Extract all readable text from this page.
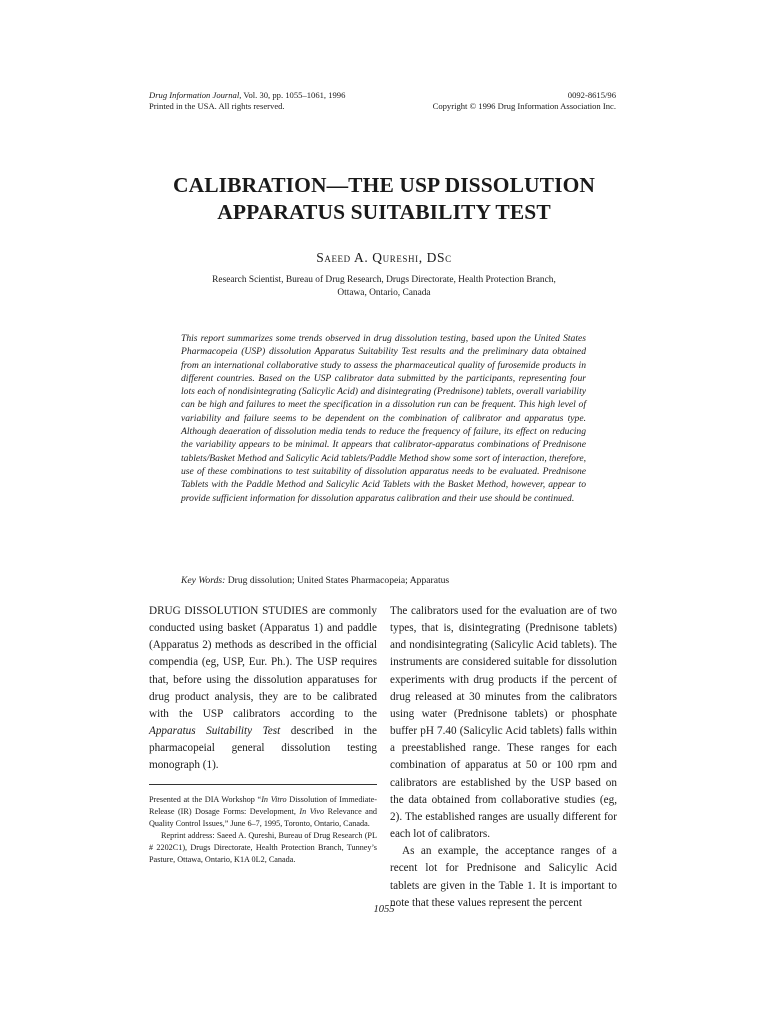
Drug Information Journal, Vol. 30, pp. 1055–1061, 1996
Printed in the USA. All rights reserved.
0092-8615/96
Copyright © 1996 Drug Information Association Inc.
CALIBRATION—THE USP DISSOLUTION
APPARATUS SUITABILITY TEST
Saeed A. Qureshi, DSc
Research Scientist, Bureau of Drug Research, Drugs Directorate, Health Protection Branch,
Ottawa, Ontario, Canada
This report summarizes some trends observed in drug dissolution testing, based upon the United States Pharmacopeia (USP) dissolution Apparatus Suitability Test results and the preliminary data obtained from an international collaborative study to assess the pharmaceutical quality of furosemide products in different countries. Based on the USP calibrator data submitted by the participants, representing four lots each of nondisintegrating (Salicylic Acid) and disintegrating (Prednisone) tablets, overall variability can be high and failures to meet the specification in a dissolution run can be frequent. This high level of variability and failure seems to be dependent on the combination of calibrator and apparatus type. Although deaeration of dissolution media tends to reduce the frequency of failure, its effect on reducing the variability appears to be minimal. It appears that calibrator-apparatus combinations of Prednisone tablets/Basket Method and Salicylic Acid tablets/Paddle Method show some sort of interaction, therefore, use of these combinations to test suitability of dissolution apparatus needs to be evaluated. Prednisone Tablets with the Paddle Method and Salicylic Acid Tablets with the Basket Method, however, appear to provide sufficient information for dissolution apparatus calibration and their use should be continued.
Key Words: Drug dissolution; United States Pharmacopeia; Apparatus

DRUG DISSOLUTION STUDIES are commonly conducted using basket (Apparatus 1) and paddle (Apparatus 2) methods as described in the official compendia (eg, USP, Eur. Ph.). The USP requires that, before using the dissolution apparatuses for drug product analysis, they are to be calibrated with the USP calibrators according to the Apparatus Suitability Test described in the pharmacopeial general dissolution testing monograph (1).

Presented at the DIA Workshop “In Vitro Dissolution of Immediate-Release (IR) Dosage Forms: Development, In Vivo Relevance and Quality Control Issues,” June 6–7, 1995, Toronto, Ontario, Canada.

Reprint address: Saeed A. Qureshi, Bureau of Drug Research (PL # 2202C1), Drugs Directorate, Health Protection Branch, Tunney’s Pasture, Ottawa, Ontario, K1A 0L2, Canada.

The calibrators used for the evaluation are of two types, that is, disintegrating (Prednisone tablets) and nondisintegrating (Salicylic Acid tablets). The instruments are considered suitable for dissolution experiments with drug products if the percent of drug released at 30 minutes from the calibrators using water (Prednisone tablets) or phosphate buffer pH 7.40 (Salicylic Acid tablets) falls within a preestablished range. These ranges for each combination of apparatus at 50 or 100 rpm and calibrators are established by the USP based on the data obtained from collaborative studies (eg, 2). The established ranges are usually different for each lot of calibrators.

As an example, the acceptance ranges of a recent lot for Prednisone and Salicylic Acid tablets are given in the Table 1. It is important to note that these values represent the percent

1055
